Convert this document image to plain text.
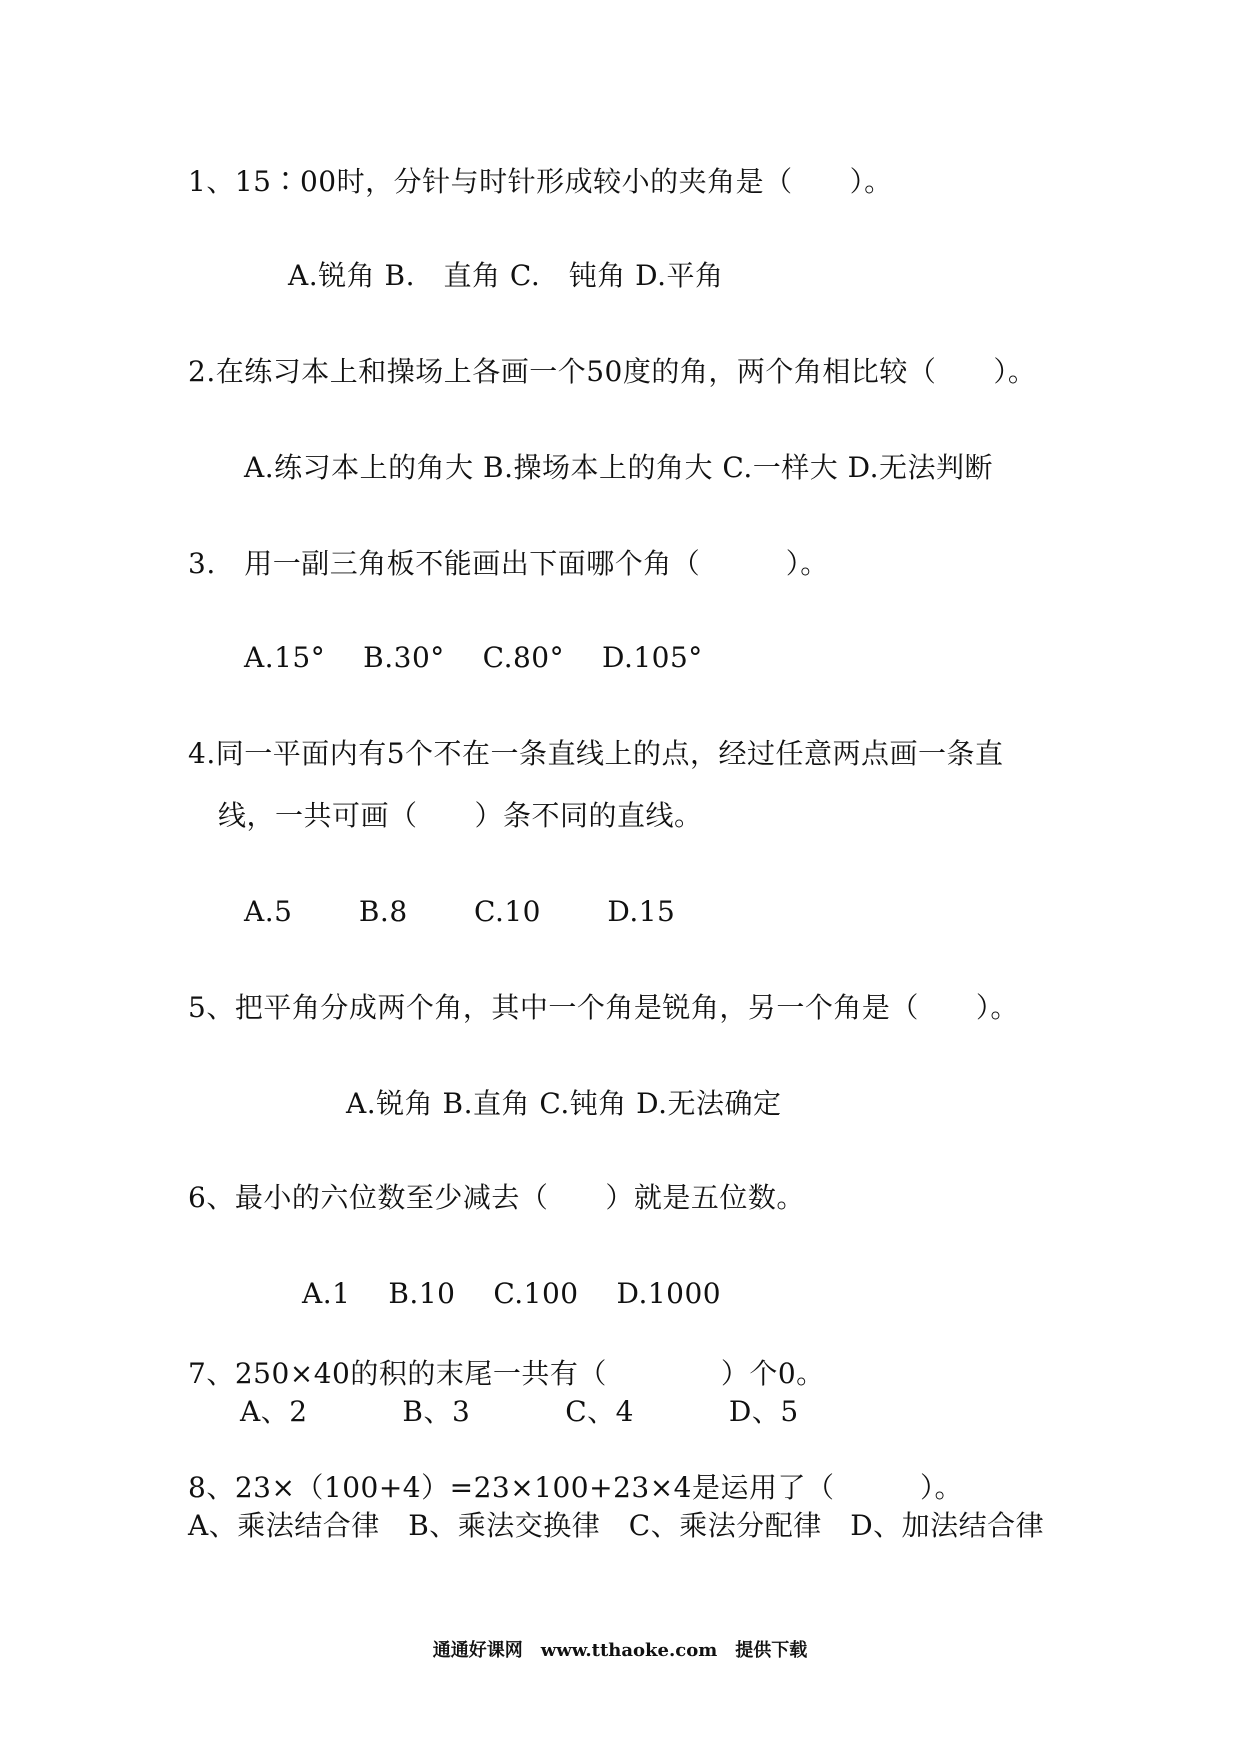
1、15∶00时，分针与时针形成较小的夹角是（　　）。
A.锐角 B.　直角 C.　钝角 D.平角
2.在练习本上和操场上各画一个50度的角，两个角相比较（　　）。
A.练习本上的角大 B.操场本上的角大 C.一样大 D.无法判断
3.　用一副三角板不能画出下面哪个角（　　　）。
A.15°　 B.30°　 C.80°　 D.105°
4.同一平面内有5个不在一条直线上的点，经过任意两点画一条直
线，一共可画（　　）条不同的直线。
A.5　　 B.8　　 C.10　　 D.15
5、把平角分成两个角，其中一个角是锐角，另一个角是（　　）。
A.锐角 B.直角 C.钝角 D.无法确定
6、最小的六位数至少减去（　　）就是五位数。
A.1　 B.10　 C.100　 D.1000
7、250×40的积的末尾一共有（　　　　）个0。
A、2　　　 B、3　　　 C、4　　　 D、5
8、23×（100+4）=23×100+23×4是运用了（　　　）。
A、乘法结合律　B、乘法交换律　C、乘法分配律　D、加法结合律
通通好课网　www.tthaoke.com　提供下载
